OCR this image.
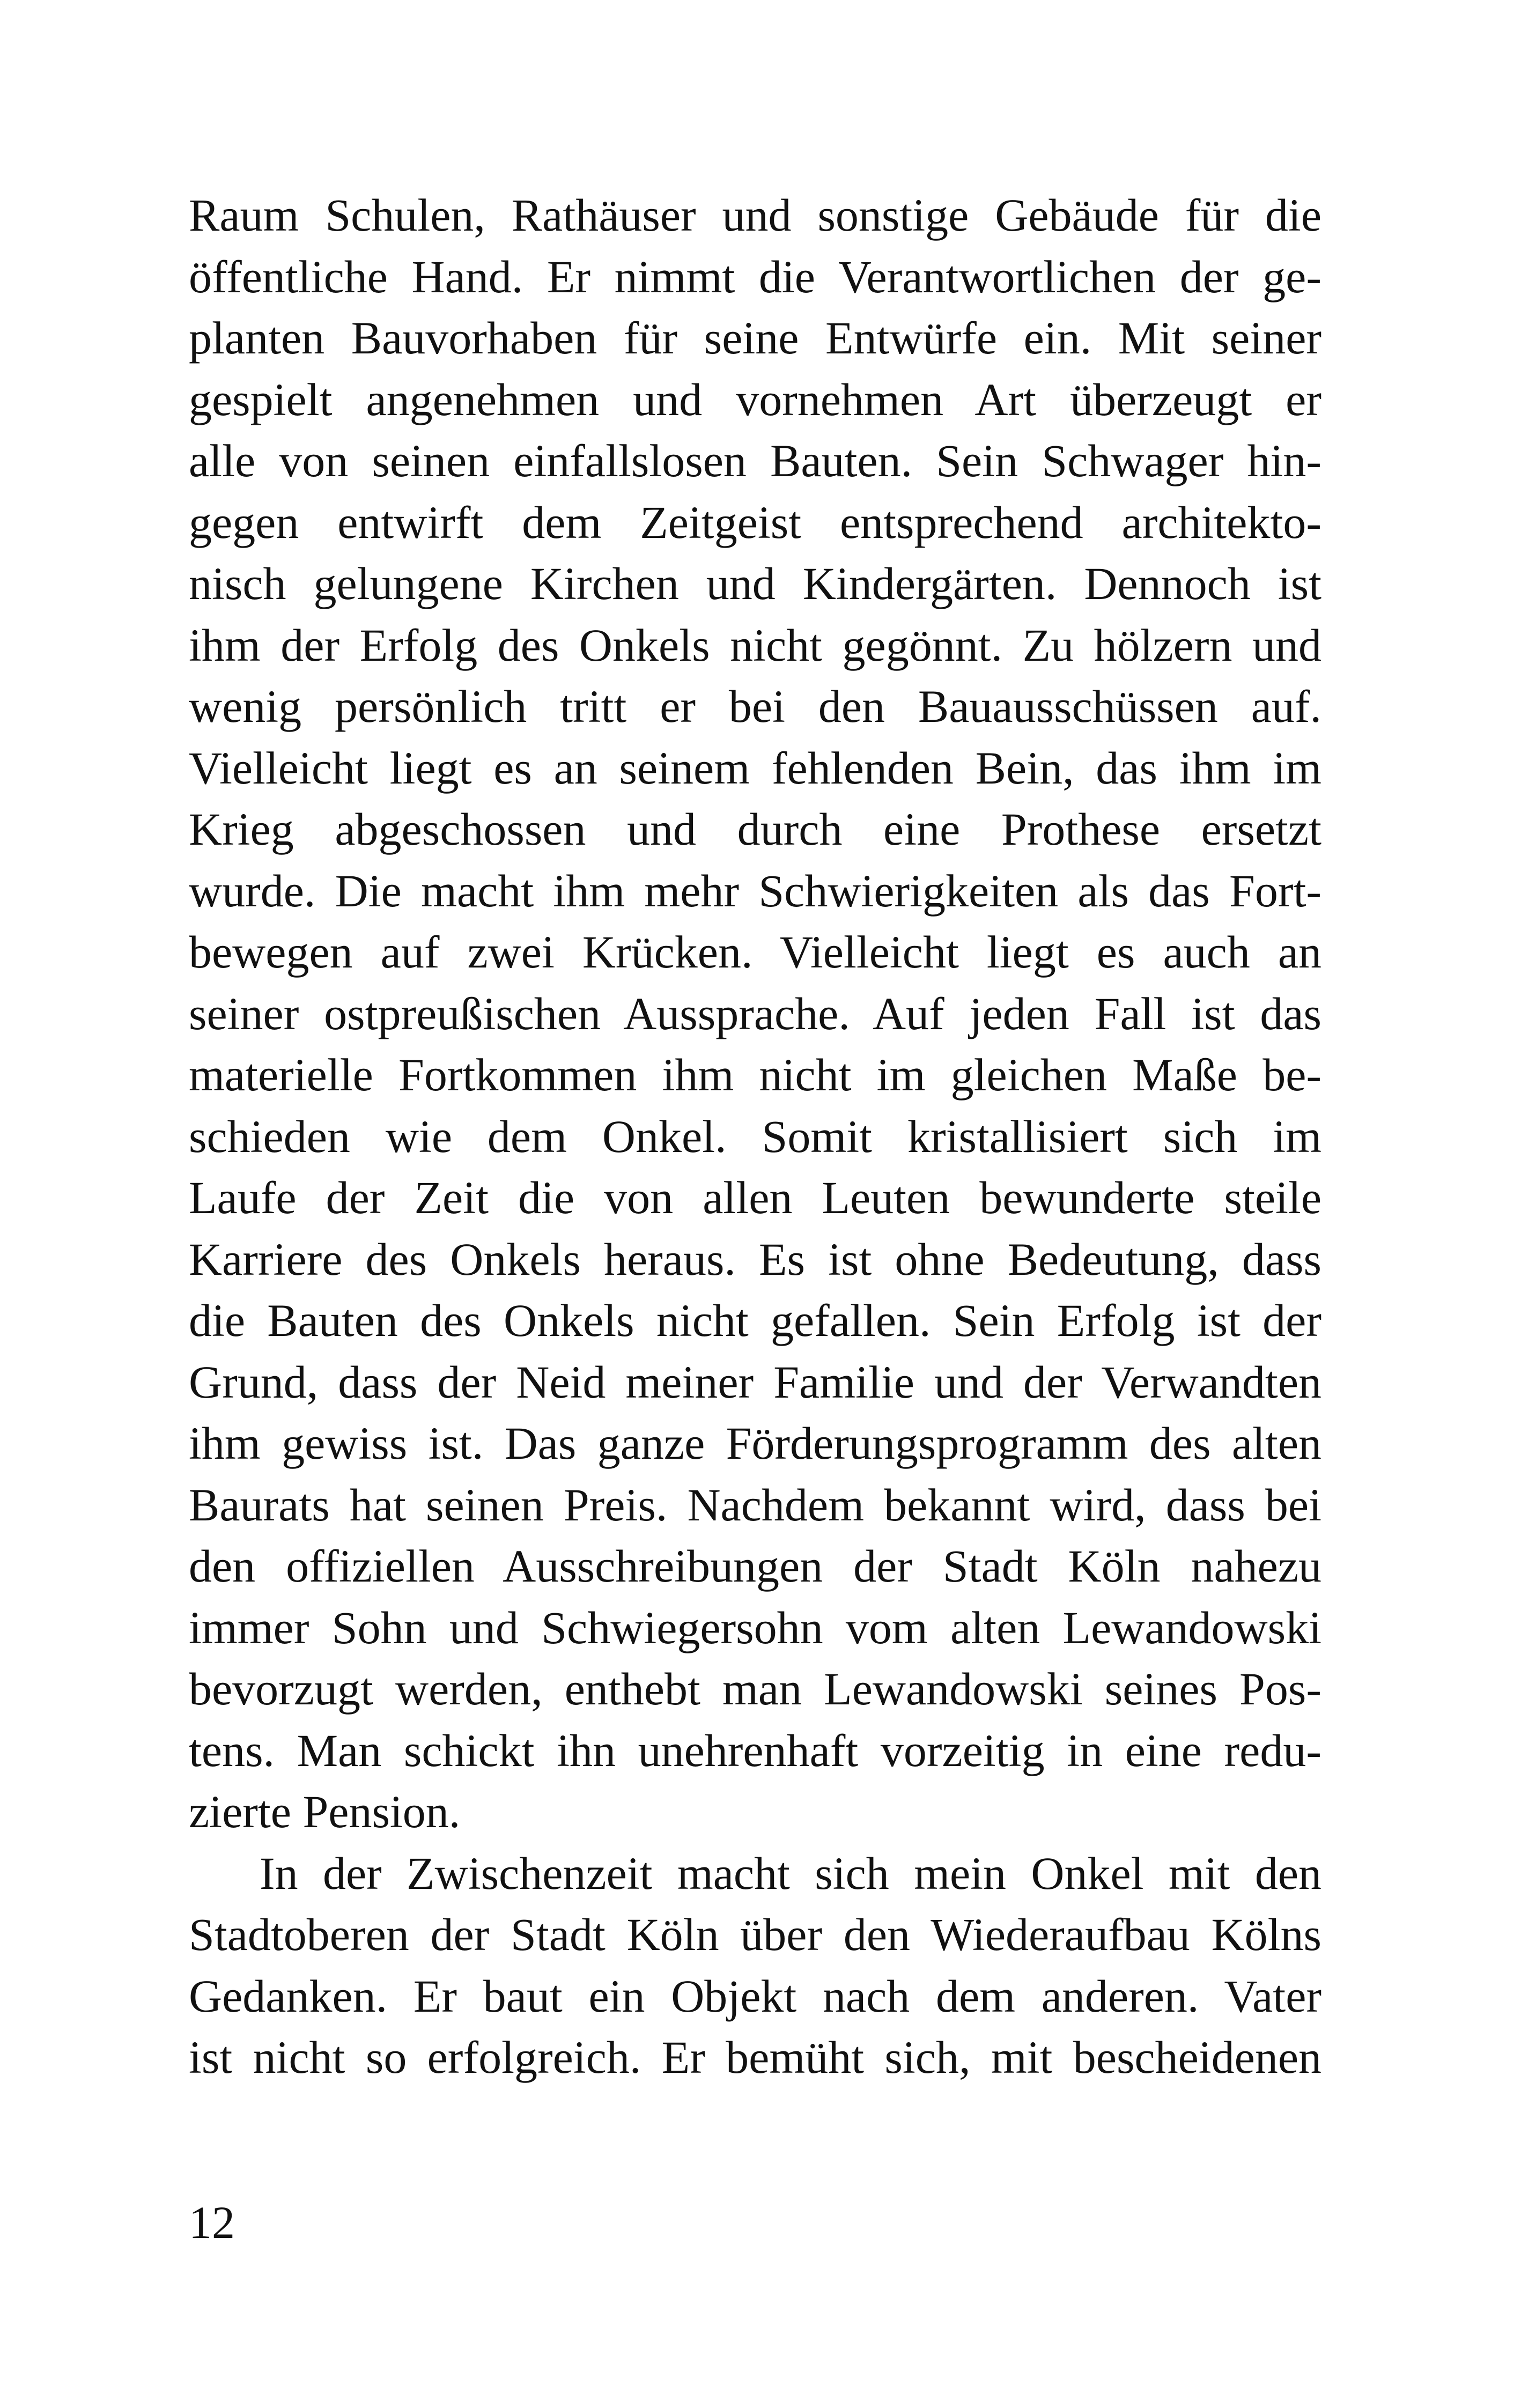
Raum Schulen, Rathäuser und sonstige Gebäude für die
öffentliche Hand. Er nimmt die Verantwortlichen der ge-
planten Bauvorhaben für seine Entwürfe ein. Mit seiner
gespielt angenehmen und vornehmen Art überzeugt er
alle von seinen einfallslosen Bauten. Sein Schwager hin-
gegen entwirft dem Zeitgeist entsprechend architekto-
nisch gelungene Kirchen und Kindergärten. Dennoch ist
ihm der Erfolg des Onkels nicht gegönnt. Zu hölzern und
wenig persönlich tritt er bei den Bauausschüssen auf.
Vielleicht liegt es an seinem fehlenden Bein, das ihm im
Krieg abgeschossen und durch eine Prothese ersetzt
wurde. Die macht ihm mehr Schwierigkeiten als das Fort-
bewegen auf zwei Krücken. Vielleicht liegt es auch an
seiner ostpreußischen Aussprache. Auf jeden Fall ist das
materielle Fortkommen ihm nicht im gleichen Maße be-
schieden wie dem Onkel. Somit kristallisiert sich im
Laufe der Zeit die von allen Leuten bewunderte steile
Karriere des Onkels heraus. Es ist ohne Bedeutung, dass
die Bauten des Onkels nicht gefallen. Sein Erfolg ist der
Grund, dass der Neid meiner Familie und der Verwandten
ihm gewiss ist. Das ganze Förderungsprogramm des alten
Baurats hat seinen Preis. Nachdem bekannt wird, dass bei
den offiziellen Ausschreibungen der Stadt Köln nahezu
immer Sohn und Schwiegersohn vom alten Lewandowski
bevorzugt werden, enthebt man Lewandowski seines Pos-
tens. Man schickt ihn unehrenhaft vorzeitig in eine redu-
zierte Pension.
In der Zwischenzeit macht sich mein Onkel mit den
Stadtoberen der Stadt Köln über den Wiederaufbau Kölns
Gedanken. Er baut ein Objekt nach dem anderen. Vater
ist nicht so erfolgreich. Er bemüht sich, mit bescheidenen
12
